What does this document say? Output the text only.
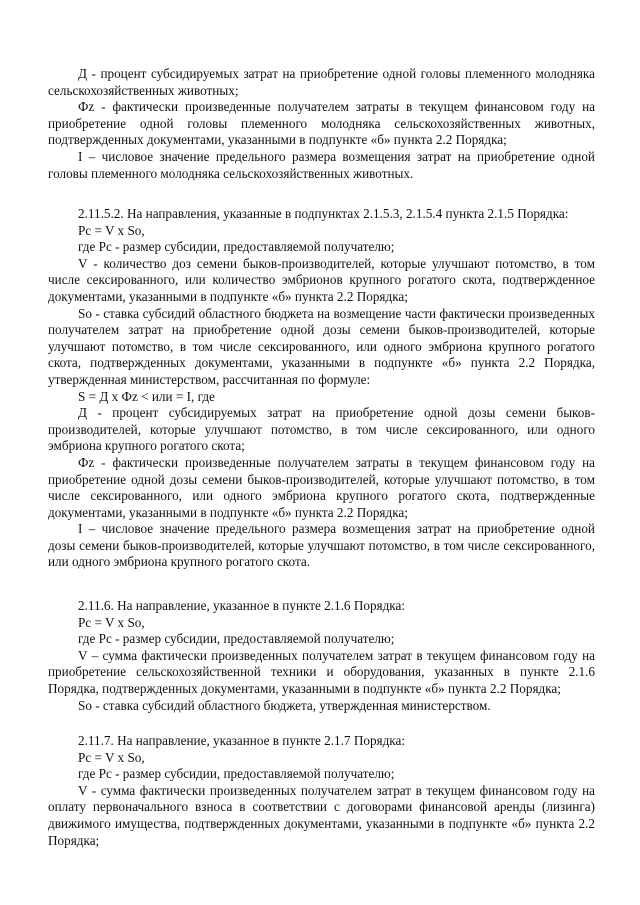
Д - процент субсидируемых затрат на приобретение одной головы племенного молодняка сельскохозяйственных животных;

Фz - фактически произведенные получателем затраты в текущем финансовом году на приобретение одной головы племенного молодняка сельскохозяйственных животных, подтвержденных документами, указанными в подпункте «б» пункта 2.2 Порядка;

I – числовое значение предельного размера возмещения затрат на приобретение одной головы племенного молодняка сельскохозяйственных животных.

2.11.5.2. На направления, указанные в подпунктах 2.1.5.3, 2.1.5.4 пункта 2.1.5 Порядка:

Pc = V x So,

где Pc - размер субсидии, предоставляемой получателю;

V - количество доз семени быков-производителей, которые улучшают потомство, в том числе сексированного, или количество эмбрионов крупного рогатого скота, подтвержденное документами, указанными в подпункте «б» пункта 2.2 Порядка;

So - ставка субсидий областного бюджета на возмещение части фактически произведенных получателем затрат на приобретение одной дозы семени быков-производителей, которые улучшают потомство, в том числе сексированного, или одного эмбриона крупного рогатого скота, подтвержденных документами, указанными в подпункте «б» пункта 2.2 Порядка, утвержденная министерством, рассчитанная по формуле:

S = Д x Фz < или = I, где

Д - процент субсидируемых затрат на приобретение одной дозы семени быков-производителей, которые улучшают потомство, в том числе сексированного, или одного эмбриона крупного рогатого скота;

Фz - фактически произведенные получателем затраты в текущем финансовом году на приобретение одной дозы семени быков-производителей, которые улучшают потомство, в том числе сексированного, или одного эмбриона крупного рогатого скота, подтвержденные документами, указанными в подпункте «б» пункта 2.2 Порядка;

I – числовое значение предельного размера возмещения затрат на приобретение одной дозы семени быков-производителей, которые улучшают потомство, в том числе сексированного, или одного эмбриона крупного рогатого скота.

2.11.6. На направление, указанное в пункте 2.1.6 Порядка:

Pc = V x So,

где Pc - размер субсидии, предоставляемой получателю;

V – сумма фактически произведенных получателем затрат в текущем финансовом году на приобретение сельскохозяйственной техники и оборудования, указанных в пункте 2.1.6 Порядка, подтвержденных документами, указанными в подпункте «б» пункта 2.2 Порядка;

So - ставка субсидий областного бюджета, утвержденная министерством.

2.11.7. На направление, указанное в пункте 2.1.7 Порядка:

Pc = V x So,

где Pc - размер субсидии, предоставляемой получателю;

V - сумма фактически произведенных получателем затрат в текущем финансовом году на оплату первоначального взноса в соответствии с договорами финансовой аренды (лизинга) движимого имущества, подтвержденных документами, указанными в подпункте «б» пункта 2.2 Порядка;
